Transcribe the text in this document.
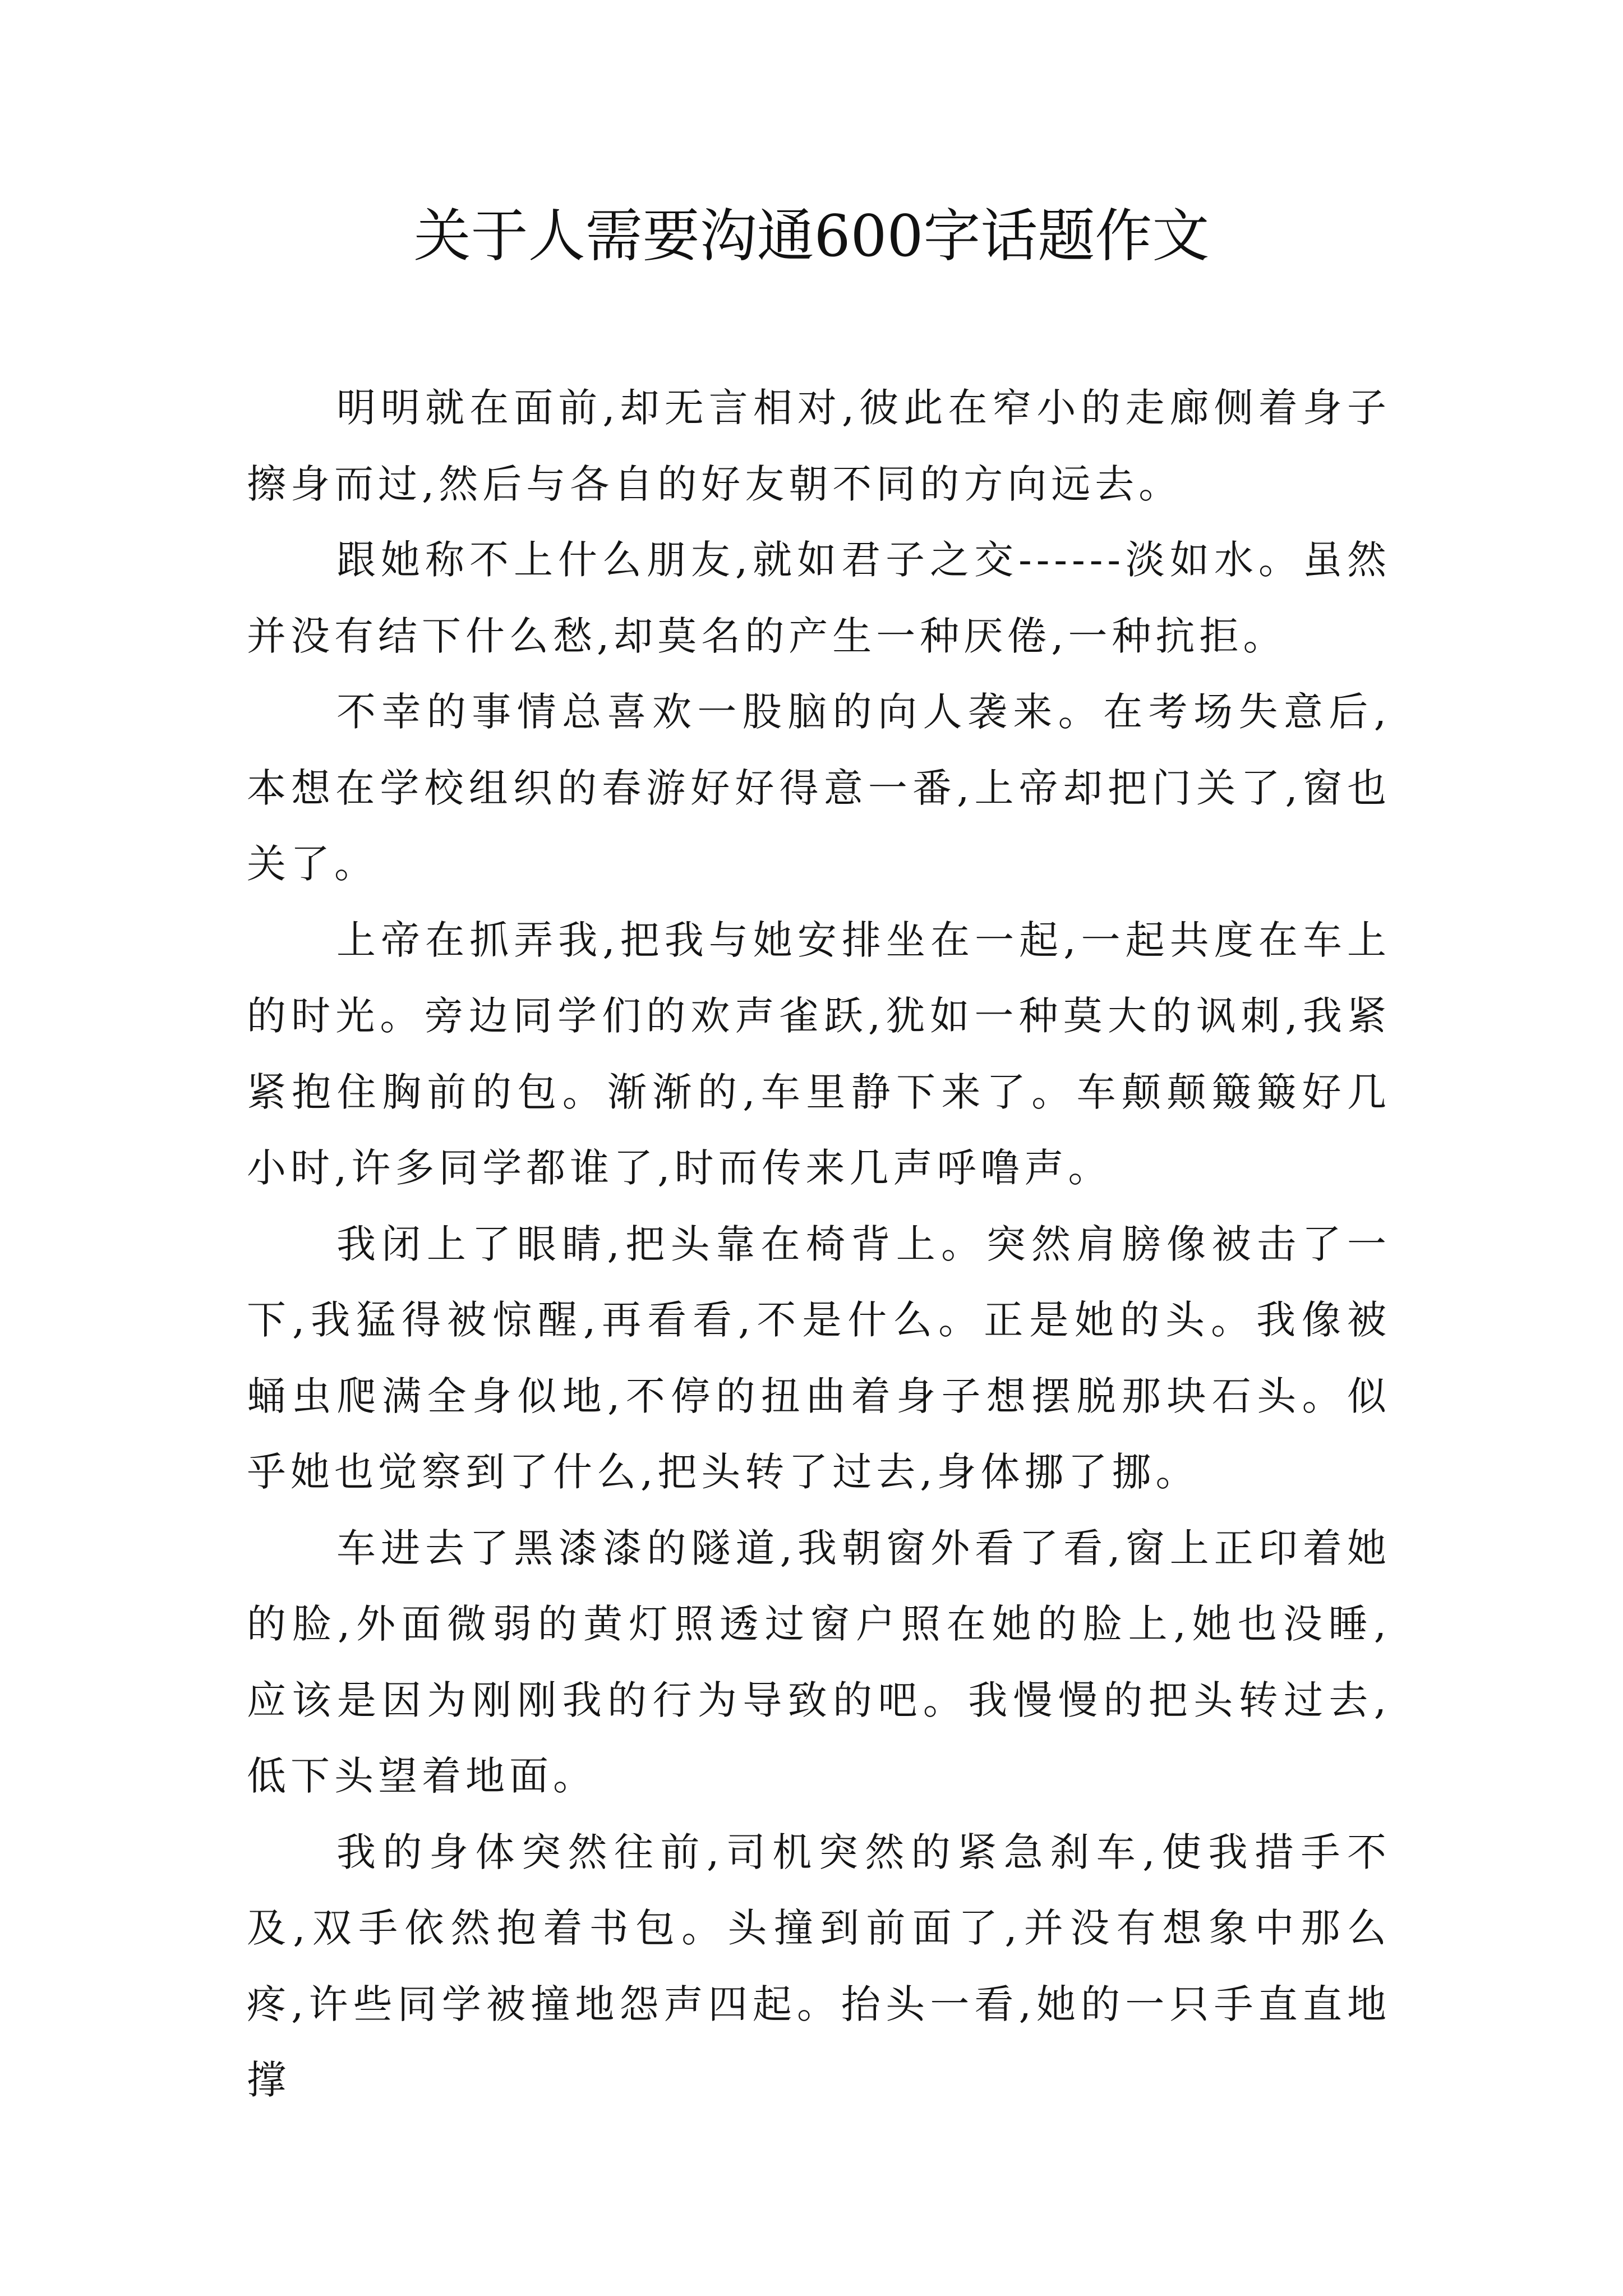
关于人需要沟通600字话题作文

明明就在面前,却无言相对,彼此在窄小的走廊侧着身子擦身而过,然后与各自的好友朝不同的方向远去。

跟她称不上什么朋友,就如君子之交------淡如水。虽然并没有结下什么愁,却莫名的产生一种厌倦,一种抗拒。

不幸的事情总喜欢一股脑的向人袭来。在考场失意后,本想在学校组织的春游好好得意一番,上帝却把门关了,窗也关了。

上帝在抓弄我,把我与她安排坐在一起,一起共度在车上的时光。旁边同学们的欢声雀跃,犹如一种莫大的讽刺,我紧紧抱住胸前的包。渐渐的,车里静下来了。车颠颠簸簸好几小时,许多同学都谁了,时而传来几声呼噜声。

我闭上了眼睛,把头靠在椅背上。突然肩膀像被击了一下,我猛得被惊醒,再看看,不是什么。正是她的头。我像被蛹虫爬满全身似地,不停的扭曲着身子想摆脱那块石头。似乎她也觉察到了什么,把头转了过去,身体挪了挪。

车进去了黑漆漆的隧道,我朝窗外看了看,窗上正印着她的脸,外面微弱的黄灯照透过窗户照在她的脸上,她也没睡,应该是因为刚刚我的行为导致的吧。我慢慢的把头转过去,低下头望着地面。

我的身体突然往前,司机突然的紧急刹车,使我措手不及,双手依然抱着书包。头撞到前面了,并没有想象中那么疼,许些同学被撞地怨声四起。抬头一看,她的一只手直直地撑
